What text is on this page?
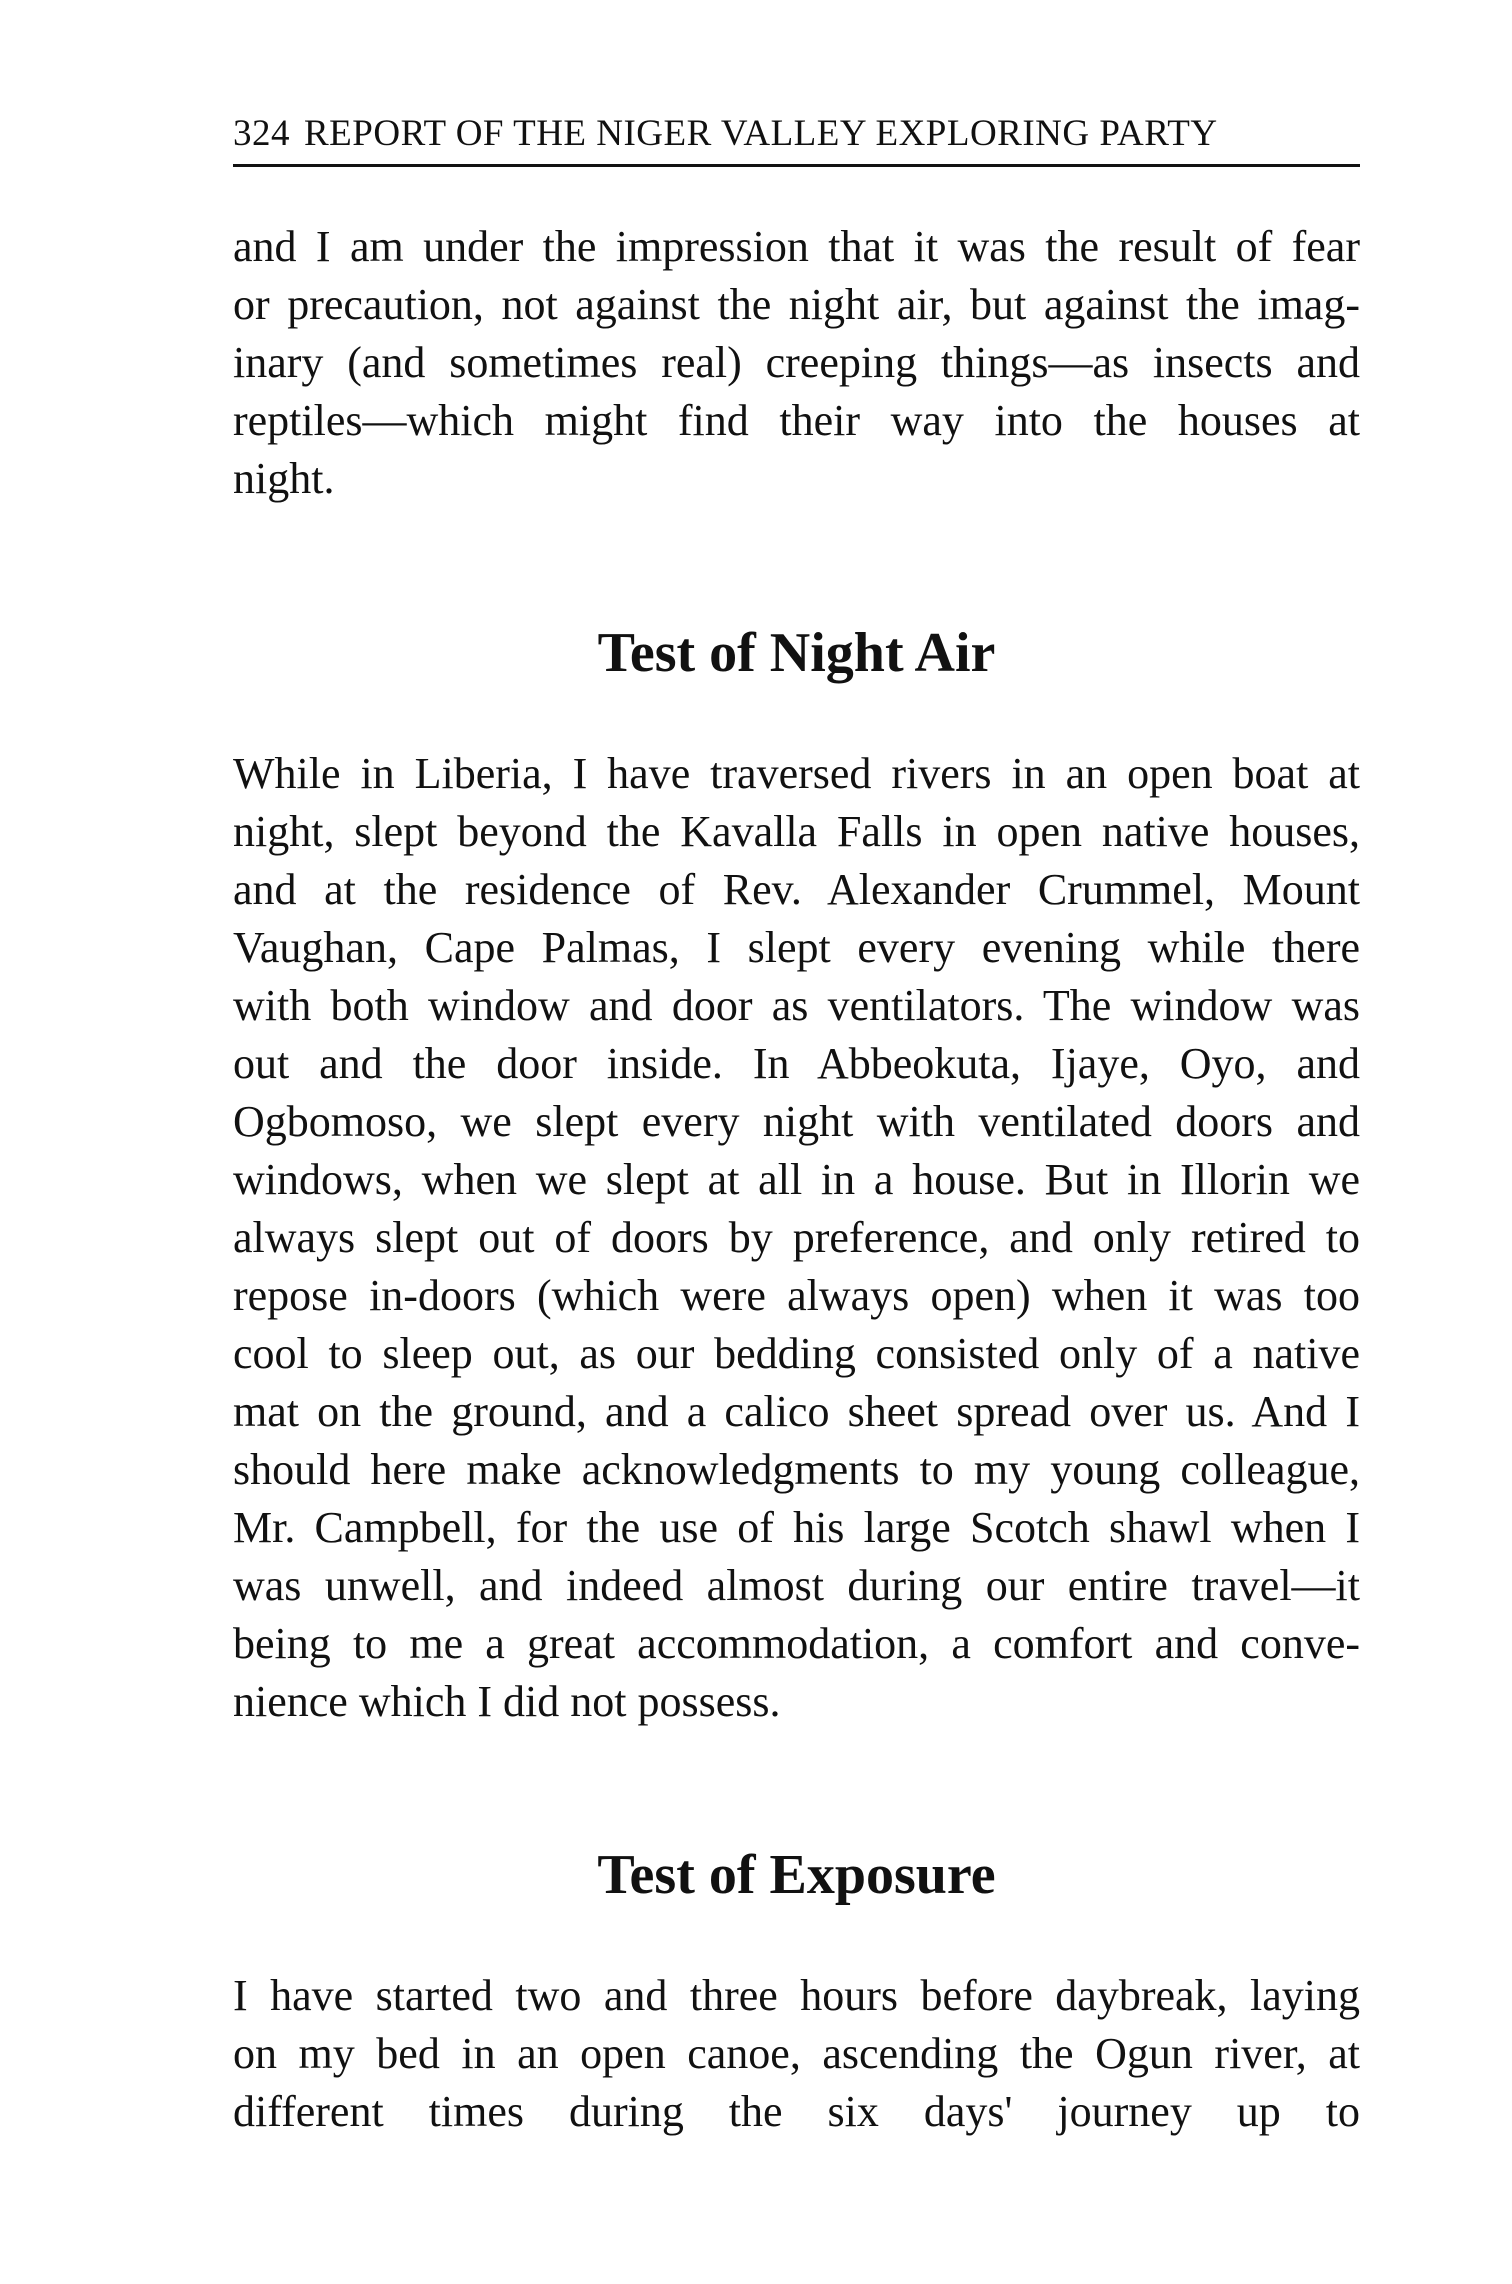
324 REPORT OF THE NIGER VALLEY EXPLORING PARTY
and I am under the impression that it was the result of fear
or precaution, not against the night air, but against the imag-
inary (and sometimes real) creeping things—as insects and
reptiles—which might find their way into the houses at
night.
Test of Night Air
While in Liberia, I have traversed rivers in an open boat at
night, slept beyond the Kavalla Falls in open native houses,
and at the residence of Rev. Alexander Crummel, Mount
Vaughan, Cape Palmas, I slept every evening while there
with both window and door as ventilators. The window was
out and the door inside. In Abbeokuta, Ijaye, Oyo, and
Ogbomoso, we slept every night with ventilated doors and
windows, when we slept at all in a house. But in Illorin we
always slept out of doors by preference, and only retired to
repose in-doors (which were always open) when it was too
cool to sleep out, as our bedding consisted only of a native
mat on the ground, and a calico sheet spread over us. And I
should here make acknowledgments to my young colleague,
Mr. Campbell, for the use of his large Scotch shawl when I
was unwell, and indeed almost during our entire travel—it
being to me a great accommodation, a comfort and conve-
nience which I did not possess.
Test of Exposure
I have started two and three hours before daybreak, laying
on my bed in an open canoe, ascending the Ogun river, at
different times during the six days' journey up to
